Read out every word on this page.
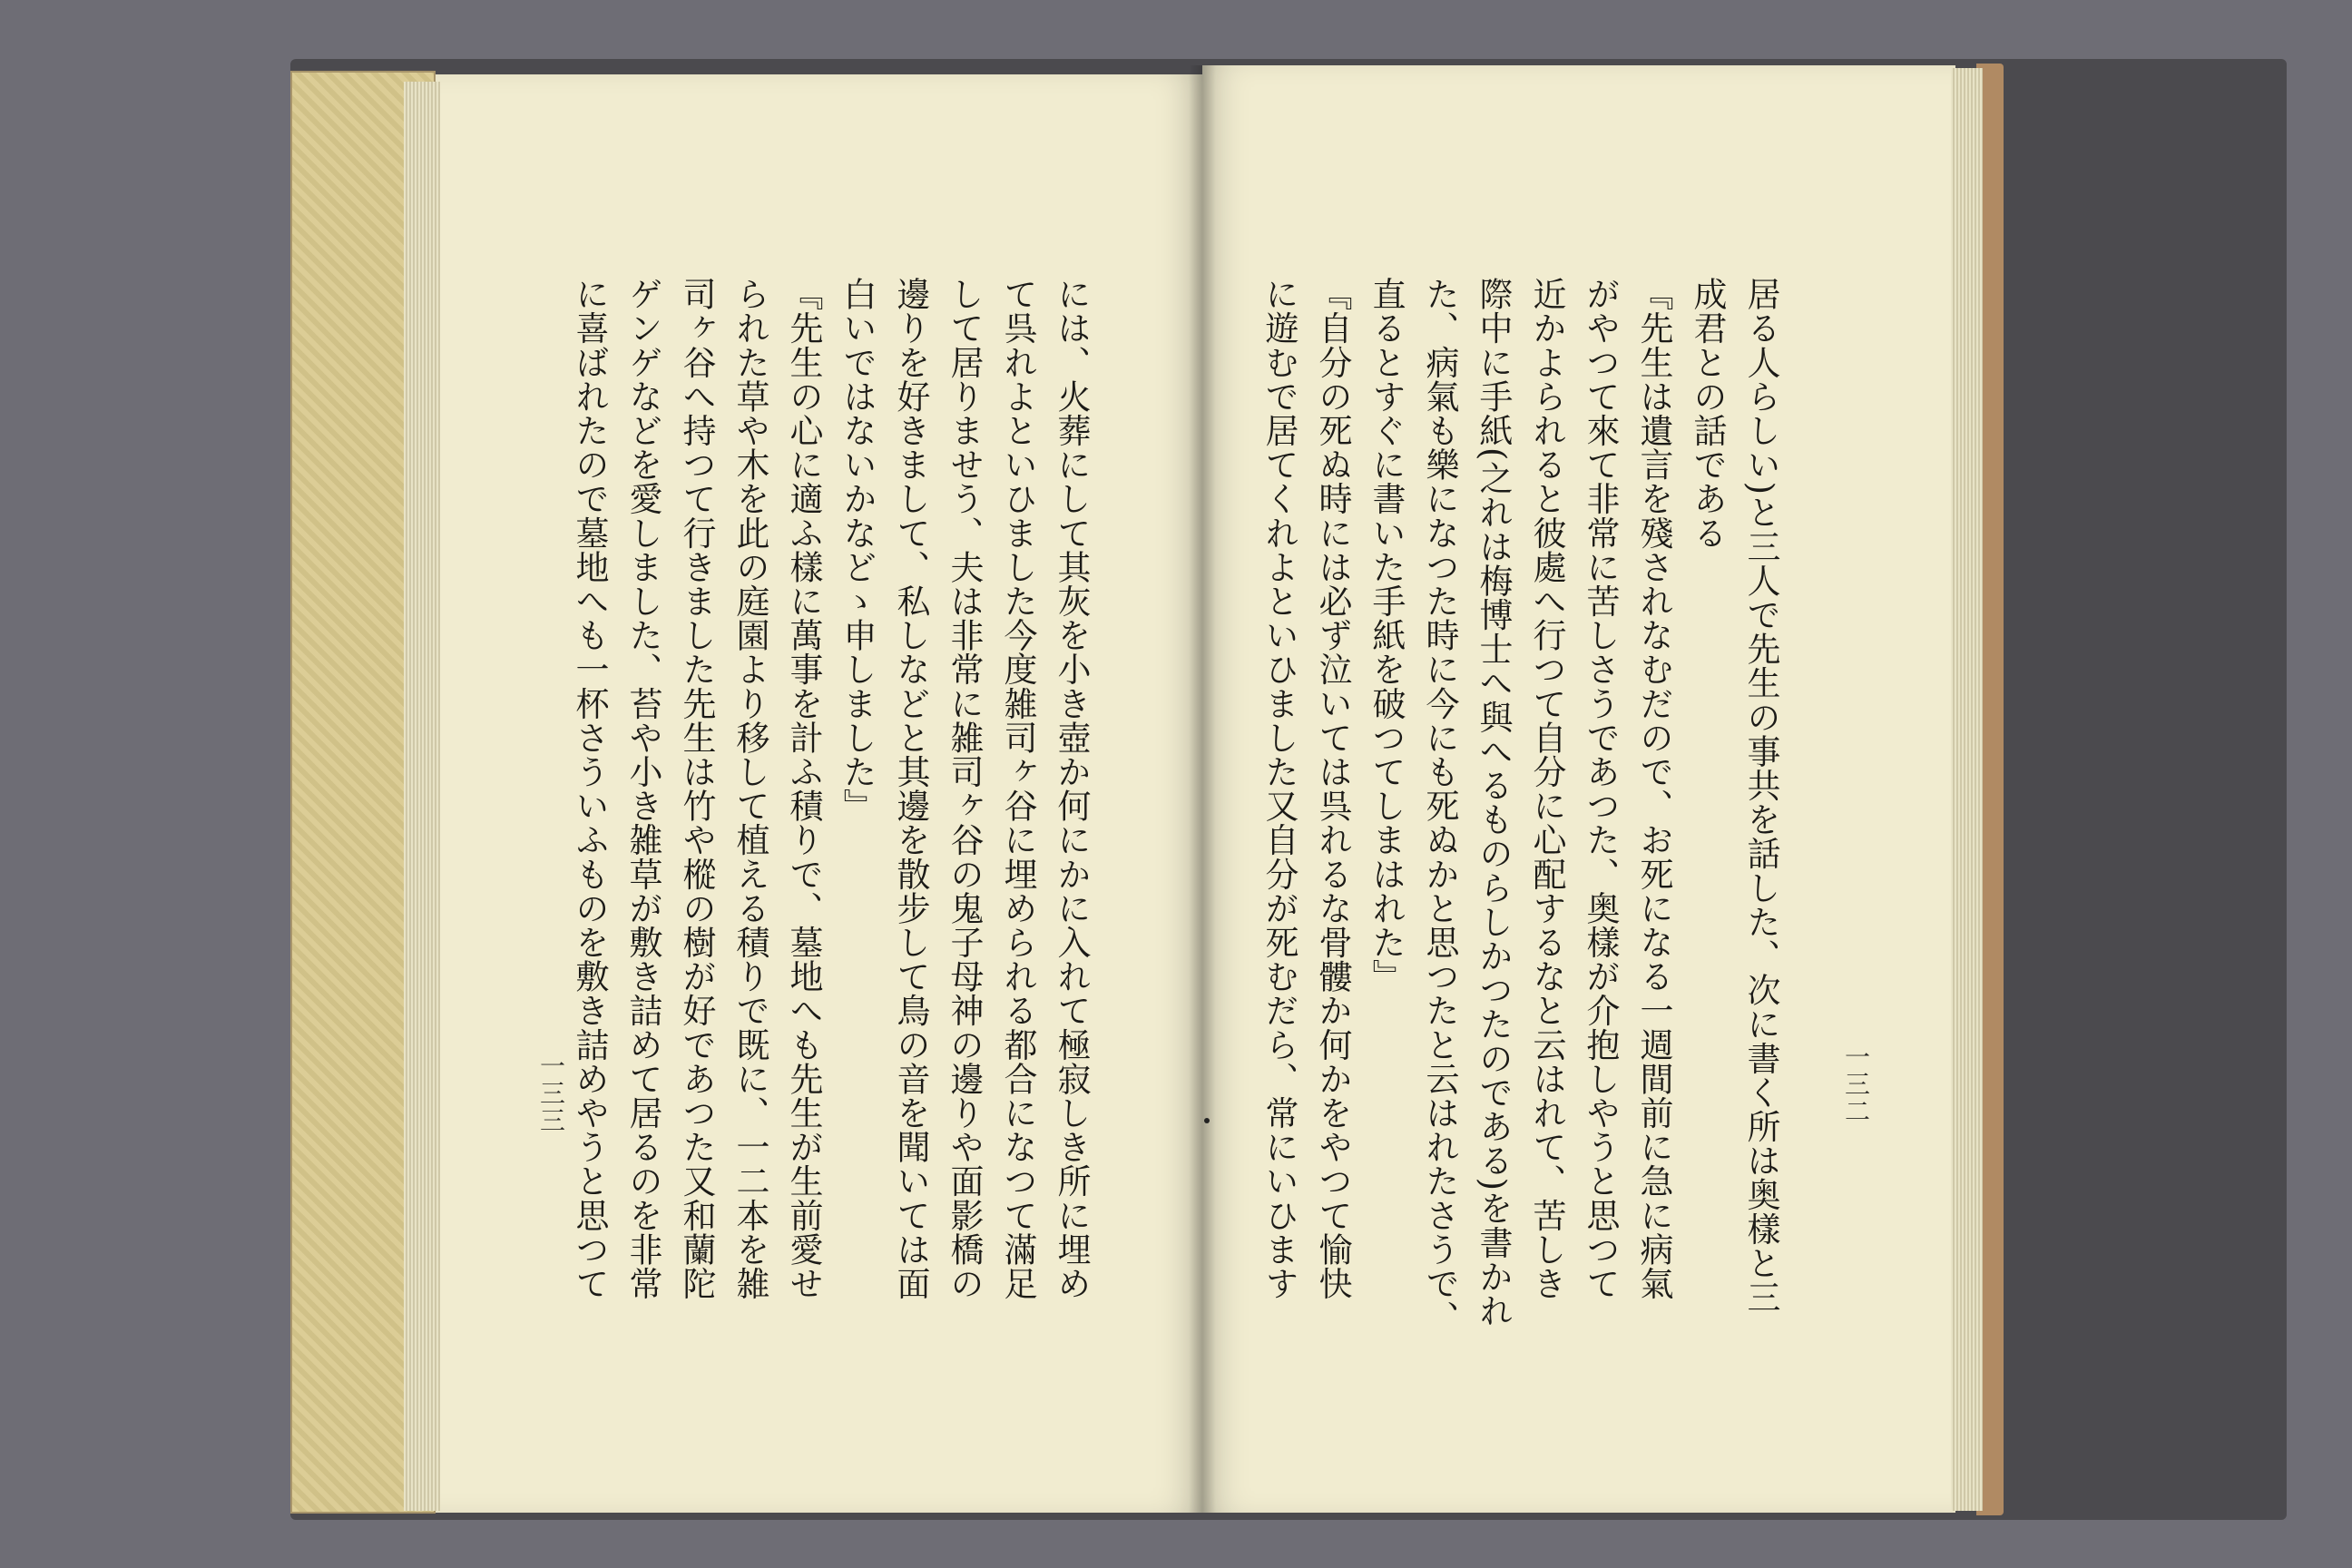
には、火葬にして其灰を小き壺か何にかに入れて極寂しき所に埋め

て呉れよといひました今度雑司ヶ谷に埋められる都合になつて滿足

して居りませう、夫は非常に雑司ヶ谷の鬼子母神の邊りや面影橋の

邊りを好きまして、私しなどと其邊を散步して鳥の音を聞いては面

白いではないかなどゝ申しました』

『先生の心に適ふ樣に萬事を計ふ積りで、墓地へも先生が生前愛せ

られた草や木を此の庭園より移して植える積りで既に、一二本を雑

司ヶ谷へ持つて行きました先生は竹や樅の樹が好であつた又和蘭陀

ゲンゲなどを愛しました、苔や小き雑草が敷き詰めて居るのを非常

に喜ばれたので墓地へも一杯さういふものを敷き詰めやうと思つて	居る人らしい)と三人で先生の事共を話した、次に書く所は奥樣と三

成君との話である

『先生は遺言を殘されなむだので、お死になる一週間前に急に病氣

がやつて來て非常に苦しさうであつた、奥樣が介抱しやうと思つて

近かよられると彼處へ行つて自分に心配するなと云はれて、苦しき

際中に手紙(之れは梅博士へ與へるものらしかつたのである)を書かれ

た、病氣も樂になつた時に今にも死ぬかと思つたと云はれたさうで、

直るとすぐに書いた手紙を破つてしまはれた』

『自分の死ぬ時には必ず泣いては呉れるな骨髏か何かをやつて愉快

に遊むで居てくれよといひました又自分が死むだら、常にいひます

一三三	一三二
